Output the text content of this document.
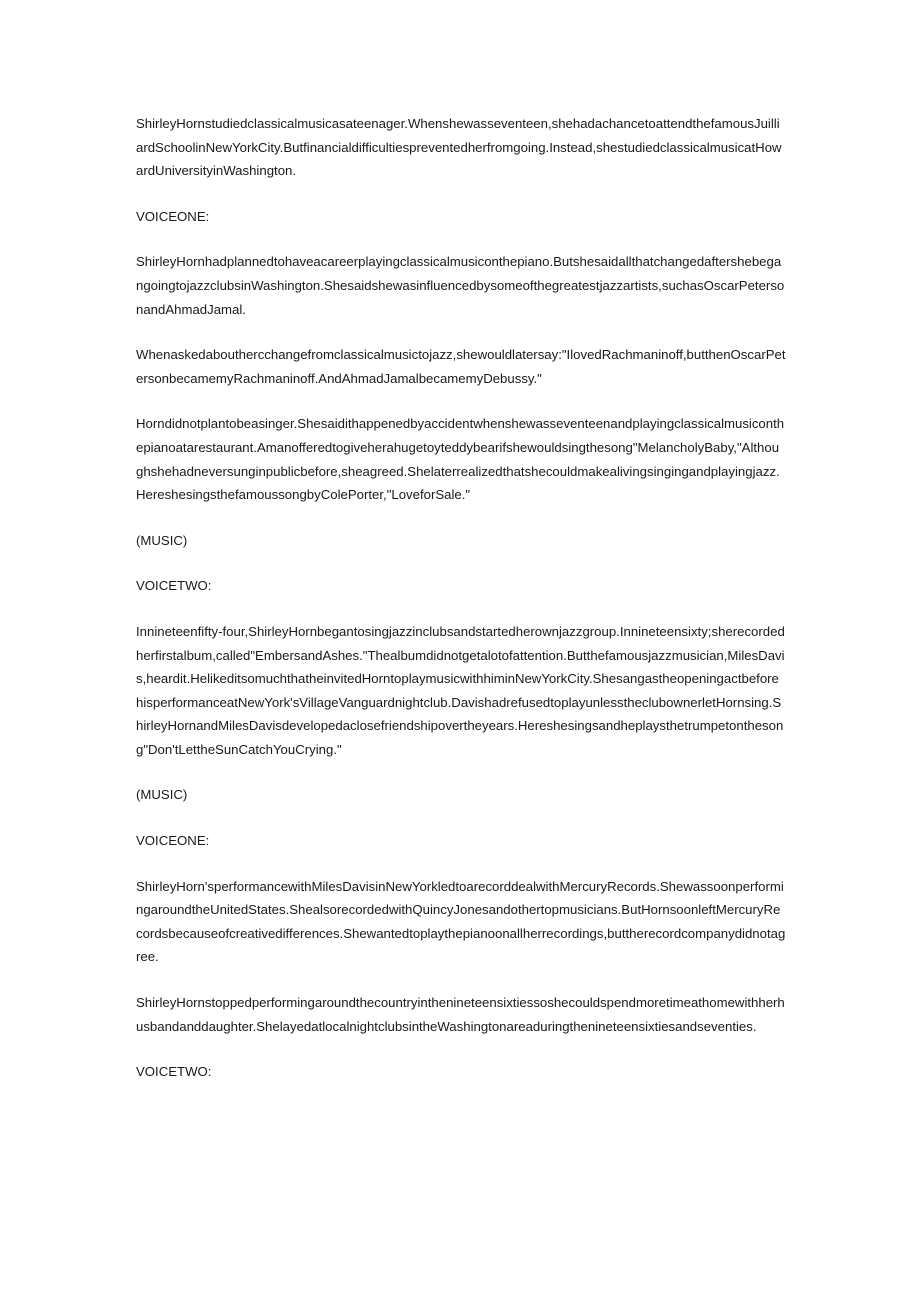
ShirleyHornstudiedclassicalmusicasateenager.Whenshewasseventeen,shehadachancetoattendthefamousJuilliardSchoolinNewYorkCity.Butfinancialdifficultiespreventedherfromgoing.Instead,shestudiedclassicalmusicatHowardUniversityinWashington.

VOICEONE:

ShirleyHornhadplannedtohaveacareerplayingclassicalmusiconthepiano.ButshesaidallthatchangedaftershebegangoingtojazzclubsinWashington.Shesaidshewasinfluencedbysomeofthegreatestjazzartists,suchasOscarPetersonandAhmadJamal.

Whenaskedabouthercchangefromclassicalmusictojazz,shewouldlatersay:"IlovedRachmaninoff,butthenOscarPetersonbecamemyRachmaninoff.AndAhmadJamalbecamemyDebussy."

Horndidnotplantobeasinger.Shesaidithappenedbyaccidentwhenshewasseventeenandplayingclassicalmusiconthepianoatarestaurant.Amanofferedtogiveherahugetoyteddybearifshewouldsingthesong"MelancholyBaby,"Althoughshehadneversunginpublicbefore,sheagreed.Shelaterrealizedthatshecouldmakealivingsingingandplayingjazz.HereshesingsthefamoussongbyColePorter,"LoveforSale."

(MUSIC)

VOICETWO:

Innineteenfifty-four,ShirleyHornbegantosingjazzinclubsandstartedherownjazzgroup.Innineteensixty;sherecordedherfirstalbum,called"EmbersandAshes."Thealbumdidnotgetalotofattention.Butthefamousjazzmusician,MilesDavis,heardit.HelikeditsomuchthatheinvitedHorntoplaymusicwithhiminNewYorkCity.ShesangastheopeningactbeforehisperformanceatNewYork'sVillageVanguardnightclub.DavishadrefusedtoplayunlesstheclubownerletHornsing.ShirleyHornandMilesDavisdevelopedaclosefriendshipovertheyears.Hereshesingsandheplaysthetrumpetonthesong"Don'tLettheSunCatchYouCrying."

(MUSIC)

VOICEONE:

ShirleyHorn'sperformancewithMilesDavisinNewYorkledtoarecorddealwithMercuryRecords.ShewassoonperformingaroundtheUnitedStates.ShealsorecordedwithQuincyJonesandothertopmusicians.ButHornsoonleftMercuryRecordsbecauseofcreativedifferences.Shewantedtoplaythepianoonallherrecordings,buttherecordcompanydidnotagree.

ShirleyHornstoppedperformingaroundthecountryinthenineteensixtiessoshecouldspendmoretimeathomewithherhusbandanddaughter.ShelayedatlocalnightclubsintheWashingtonareaduringthenineteensixtiesandseventies.

VOICETWO:
